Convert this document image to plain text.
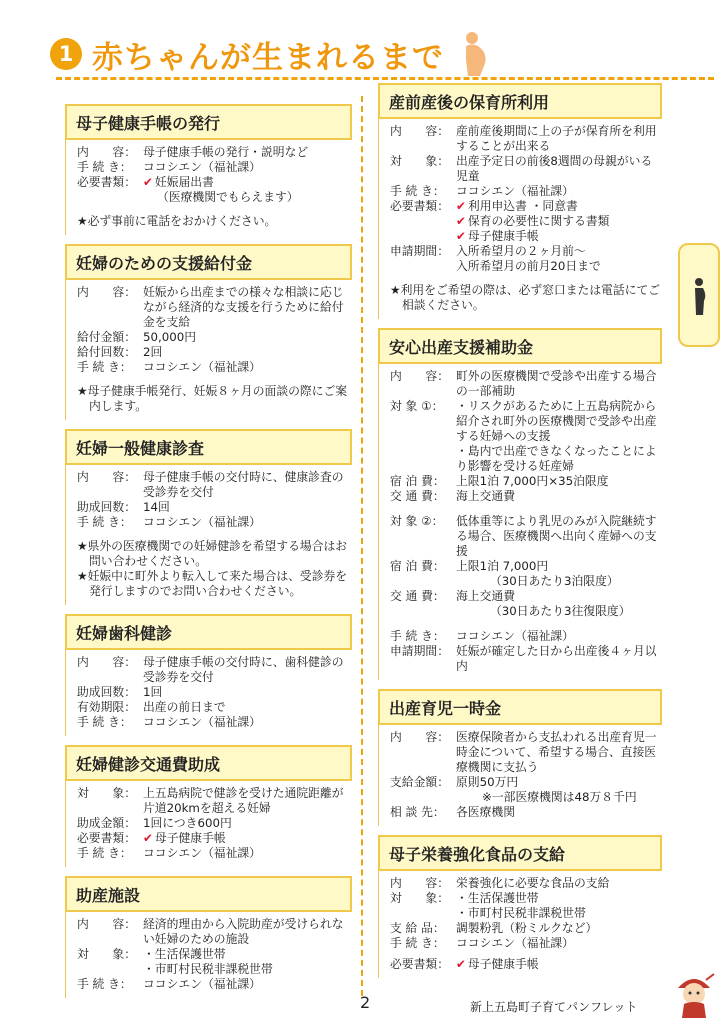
1 赤ちゃんが生まれるまで
母子健康手帳の発行
内　　容： 母子健康手帳の発行・説明など
手 続 き： ココシエン（福祉課）
必要書類： ✔ 妊娠届出書
（医療機関でもらえます）
★必ず事前に電話をおかけください。
妊婦のための支援給付金
内　　容： 妊娠から出産までの様々な相談に応じながら経済的な支援を行うために給付金を支給
給付金額： 50,000円
給付回数： 2回
手 続 き： ココシエン（福祉課）
★母子健康手帳発行、妊娠８ヶ月の面談の際にご案内します。
妊婦一般健康診査
内　　容： 母子健康手帳の交付時に、健康診査の受診券を交付
助成回数： 14回
手 続 き： ココシエン（福祉課）
★県外の医療機関での妊婦健診を希望する場合はお問い合わせください。
★妊娠中に町外より転入して来た場合は、受診券を発行しますのでお問い合わせください。
妊婦歯科健診
内　　容： 母子健康手帳の交付時に、歯科健診の受診券を交付
助成回数： 1回
有効期限： 出産の前日まで
手 続 き： ココシエン（福祉課）
妊婦健診交通費助成
対　　象： 上五島病院で健診を受けた通院距離が片道20kmを超える妊婦
助成金額： 1回につき600円
必要書類： ✔ 母子健康手帳
手 続 き： ココシエン（福祉課）
助産施設
内　　容： 経済的理由から入院助産が受けられない妊婦のための施設
対　　象： ・生活保護世帯
・市町村民税非課税世帯
手 続 き： ココシエン（福祉課）
産前産後の保育所利用
内　　容： 産前産後期間に上の子が保育所を利用することが出来る
対　　象： 出産予定日の前後8週間の母親がいる児童
手 続 き： ココシエン（福祉課）
必要書類： ✔ 利用申込書 ・同意書
✔ 保育の必要性に関する書類
✔ 母子健康手帳
申請期間： 入所希望月の２ヶ月前〜
入所希望月の前月20日まで
★利用をご希望の際は、必ず窓口または電話にてご相談ください。
安心出産支援補助金
内　　容： 町外の医療機関で受診や出産する場合の一部補助
対 象 ①：	・リスクがあるために上五島病院から紹介され町外の医療機関で受診や出産する妊婦への支援
・島内で出産できなくなったことにより影響を受ける妊産婦
宿 泊 費： 上限1泊 7,000円×35泊限度
交 通 費： 海上交通費
対 象 ②：	低体重等により乳児のみが入院継続する場合、医療機関へ出向く産婦への支援
宿 泊 費： 上限1泊 7,000円
（30日あたり3泊限度）
交 通 費： 海上交通費
（30日あたり3往復限度）
手 続 き： ココシエン（福祉課）
申請期間： 妊娠が確定した日から出産後４ヶ月以内
出産育児一時金
内　　容： 医療保険者から支払われる出産育児一時金について、希望する場合、直接医療機関に支払う
支給金額： 原則50万円
※一部医療機関は48万８千円
相 談 先： 各医療機関
母子栄養強化食品の支給
内　　容： 栄養強化に必要な食品の支給
対　　象： ・生活保護世帯
・市町村民税非課税世帯
支 給 品： 調製粉乳（粉ミルクなど）
手 続 き： ココシエン（福祉課）
必要書類： ✔ 母子健康手帳
2	新上五島町子育てパンフレット
